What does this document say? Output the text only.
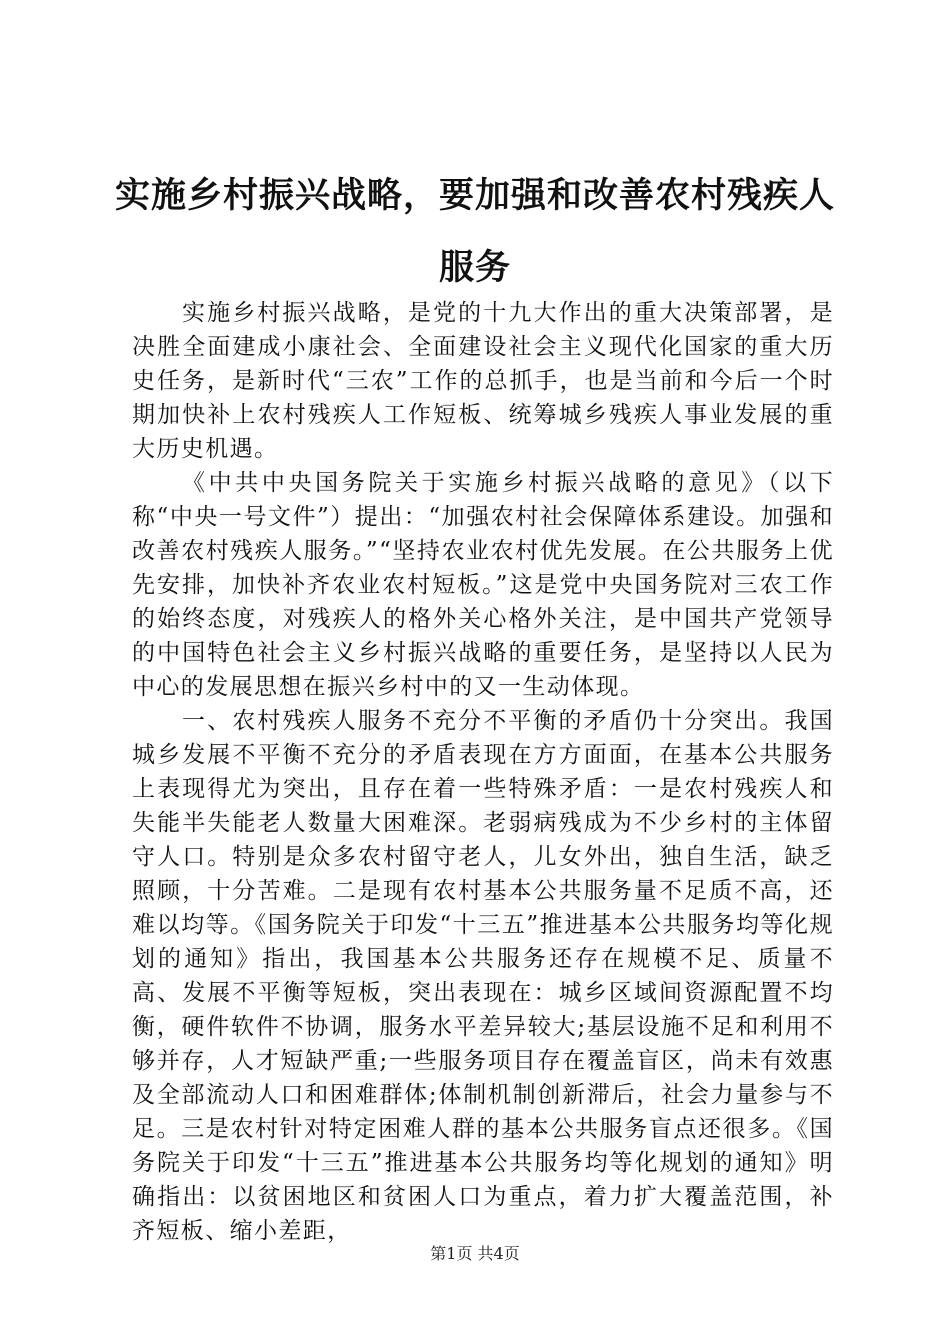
实施乡村振兴战略，要加强和改善农村残疾人
服务

实施乡村振兴战略，是党的十九大作出的重大决策部署，是决胜全面建成小康社会、全面建设社会主义现代化国家的重大历史任务，是新时代“三农”工作的总抓手，也是当前和今后一个时期加快补上农村残疾人工作短板、统筹城乡残疾人事业发展的重大历史机遇。

《中共中央国务院关于实施乡村振兴战略的意见》（以下称“中央一号文件”）提出：“加强农村社会保障体系建设。加强和改善农村残疾人服务。”“坚持农业农村优先发展。在公共服务上优先安排，加快补齐农业农村短板。”这是党中央国务院对三农工作的始终态度，对残疾人的格外关心格外关注，是中国共产党领导的中国特色社会主义乡村振兴战略的重要任务，是坚持以人民为中心的发展思想在振兴乡村中的又一生动体现。

一、农村残疾人服务不充分不平衡的矛盾仍十分突出。我国城乡发展不平衡不充分的矛盾表现在方方面面，在基本公共服务上表现得尤为突出，且存在着一些特殊矛盾：一是农村残疾人和失能半失能老人数量大困难深。老弱病残成为不少乡村的主体留守人口。特别是众多农村留守老人，儿女外出，独自生活，缺乏照顾，十分苦难。二是现有农村基本公共服务量不足质不高，还难以均等。《国务院关于印发“十三五”推进基本公共服务均等化规划的通知》指出，我国基本公共服务还存在规模不足、质量不高、发展不平衡等短板，突出表现在：城乡区域间资源配置不均衡，硬件软件不协调，服务水平差异较大;基层设施不足和利用不够并存，人才短缺严重;一些服务项目存在覆盖盲区，尚未有效惠及全部流动人口和困难群体;体制机制创新滞后，社会力量参与不足。三是农村针对特定困难人群的基本公共服务盲点还很多。《国务院关于印发“十三五”推进基本公共服务均等化规划的通知》明确指出：以贫困地区和贫困人口为重点，着力扩大覆盖范围，补齐短板、缩小差距，

第1页 共4页
